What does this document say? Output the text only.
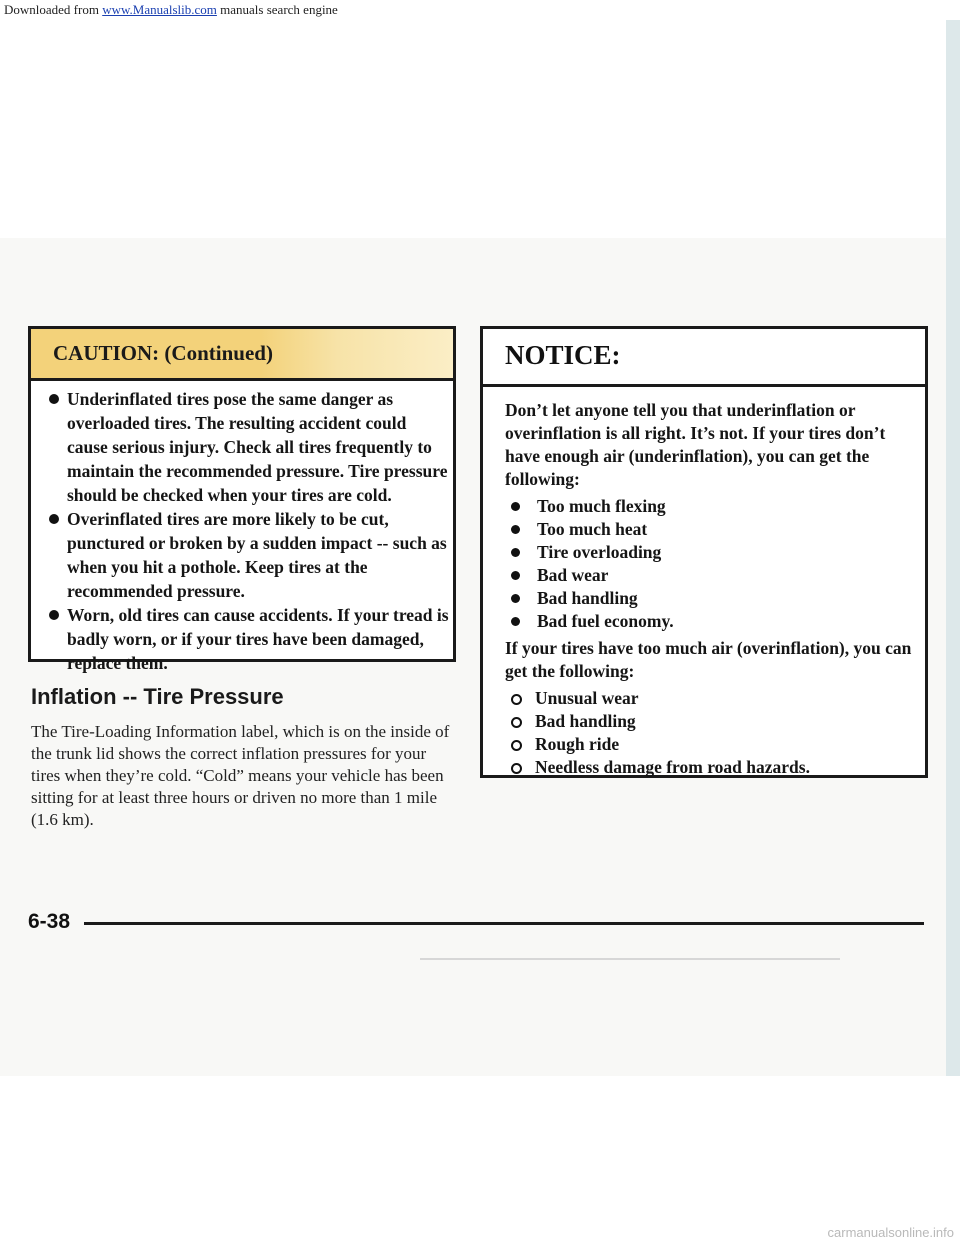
Downloaded from www.Manualslib.com manuals search engine
CAUTION: (Continued)
Underinflated tires pose the same danger as overloaded tires. The resulting accident could cause serious injury. Check all tires frequently to maintain the recommended pressure. Tire pressure should be checked when your tires are cold.
Overinflated tires are more likely to be cut, punctured or broken by a sudden impact -- such as when you hit a pothole. Keep tires at the recommended pressure.
Worn, old tires can cause accidents. If your tread is badly worn, or if your tires have been damaged, replace them.
Inflation -- Tire Pressure
The Tire-Loading Information label, which is on the inside of the trunk lid shows the correct inflation pressures for your tires when they’re cold. “Cold” means your vehicle has been sitting for at least three hours or driven no more than 1 mile (1.6 km).
NOTICE:

Don’t let anyone tell you that underinflation or overinflation is all right. It’s not. If your tires don’t have enough air (underinflation), you can get the following:

Too much flexing
Too much heat
Tire overloading
Bad wear
Bad handling
Bad fuel economy.

If your tires have too much air (overinflation), you can get the following:

Unusual wear
Bad handling
Rough ride
Needless damage from road hazards.
6-38
carmanualsonline.info
